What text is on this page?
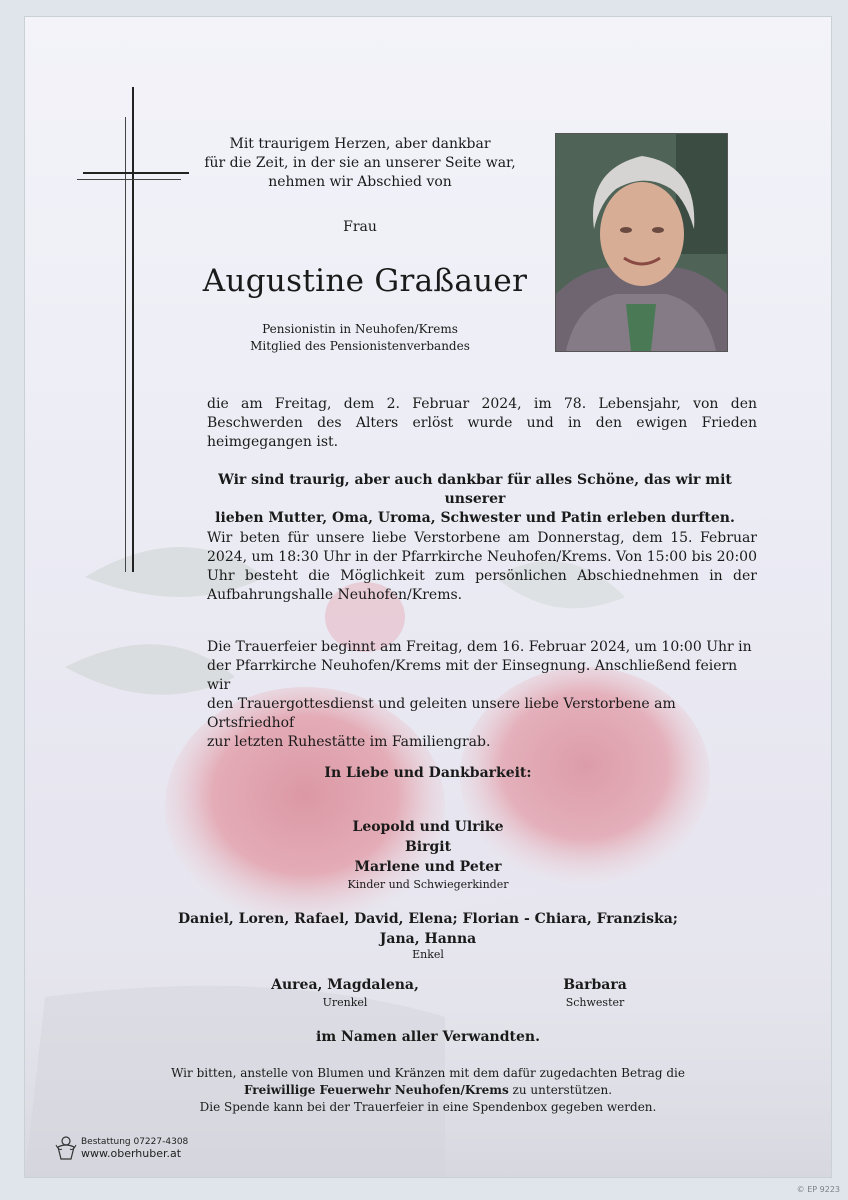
Mit traurigem Herzen, aber dankbar
für die Zeit, in der sie an unserer Seite war,
nehmen wir Abschied von
Frau
Augustine Graßauer
Pensionistin in Neuhofen/Krems
Mitglied des Pensionistenverbandes
die am Freitag, dem 2. Februar 2024, im 78. Lebensjahr, von den Beschwerden des Alters erlöst wurde und in den ewigen Frieden heimgegangen ist.
Wir sind traurig, aber auch dankbar für alles Schöne, das wir mit unserer
lieben Mutter, Oma, Uroma, Schwester und Patin erleben durften.
Wir beten für unsere liebe Verstorbene am Donnerstag, dem 15. Februar 2024, um 18:30 Uhr in der Pfarrkirche Neuhofen/Krems. Von 15:00 bis 20:00 Uhr besteht die Möglichkeit zum persönlichen Abschiednehmen in der Aufbahrungshalle Neuhofen/Krems.
Die Trauerfeier beginnt am Freitag, dem 16. Februar 2024, um 10:00 Uhr in
der Pfarrkirche Neuhofen/Krems mit der Einsegnung. Anschließend feiern wir
den Trauergottesdienst und geleiten unsere liebe Verstorbene am Ortsfriedhof
zur letzten Ruhestätte im Familiengrab.
In Liebe und Dankbarkeit:
Leopold und Ulrike
Birgit
Marlene und Peter
Kinder und Schwiegerkinder
Daniel, Loren, Rafael, David, Elena; Florian - Chiara, Franziska;
Jana, Hanna
Enkel
Aurea, Magdalena,
Urenkel
Barbara
Schwester
im Namen aller Verwandten.
Wir bitten, anstelle von Blumen und Kränzen mit dem dafür zugedachten Betrag die
Freiwillige Feuerwehr Neuhofen/Krems zu unterstützen.
Die Spende kann bei der Trauerfeier in eine Spendenbox gegeben werden.
Bestattung 07227-4308
www.oberhuber.at
© EP 9223
